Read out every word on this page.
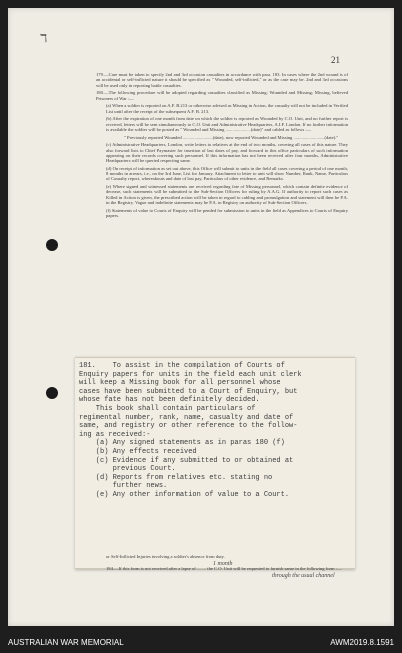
ℸ
21

179.—Care must be taken to specify 2nd and 3rd occasion casualties in accordance with para. 183. In cases where the 2nd wound is of an accidental or self-inflicted nature it should be specified as " Wounded, self-inflicted," or as the case may be. 2nd and 3rd occasions will be used only in reporting battle casualties.

180.—The following procedure will be adopted regarding casualties classified as Missing; Wounded and Missing; Missing, believed Prisoners of War :—

(a) When a soldier is reported on A.F. B.213 or otherwise advised as Missing in Action, the casualty will not be included in Verified List until after the receipt of the subsequent A.F. B. 213.

(b) After the expiration of one month from date on which the soldier is reported as Wounded by C.O. Unit, and no further report is received, letters will be sent simultaneously to C.O. Unit and Administrative Headquarters, A.I.F. London. If no further information is available the soldier will be posted as " Wounded and Missing ......................(date)" and cabled as follows :—

" Previously reported Wounded ..........................(date), now reported Wounded and Missing ...........................(date)."

(c) Administrative Headquarters, London, write letters to relatives at the end of two months, covering all cases of this nature. They also forward lists to Chief Paymaster for insertion of last dates of pay, and forward to this office particulars of such information appearing on their records covering such personnel. If this information has not been received after four months, Administrative Headquarters will be queried respecting same.

(d) On receipt of information as set out above, this Office will submit to units in the field all cases covering a period of one month, 8 months in arrears, i.e., on the 3rd June, List for January. Attachment to letter to unit will show Number, Rank, Name, Particulars of Casualty report, whereabouts and date of last pay, Particulars of other evidence, and Remarks.

(e) Where signed and witnessed statements are received regarding fate of Missing personnel, which contain definite evidence of decease, such statements will be submitted to the Sub-Section Officers for ruling by A.A.G. If authority to report such cases as Killed in Action is given, the prescribed action will be taken in regard to cabling and promulgation and statement will then be P.A. in the Registry. Vague and indefinite statements may be P.A. in Registry on authority of Sub-Section Officers.

(f) Statements of value to Courts of Enquiry will be pended for submission to units in the field as Appendices to Courts of Enquiry papers.

181.    To assist in the compilation of Courts of
Enquiry papers for units in the field each unit clerk
will keep a Missing book for all personnel whose
cases have been submitted to a Court of Enquiry, but
whose fate has not been definitely decided.
This book shall contain particulars of
regimental number, rank, name, casualty and date of
same, and registry or other reference to the follow-
ing as received:-
(a) Any signed statements as in paras 180 (f)
(b) Any effects received
(c) Evidence if any submitted to or obtained at
previous Court.
(d) Reports from relatives etc. stating no
further news.
(e) Any other information of value to a Court.
or Self-Inflicted Injuries involving a soldier's absence from duty.
184.—If this form is not received after a lapse of ........ the C.O. Unit will be requested to furnish same in the following form :—
1 month
through the usual channel
AUSTRALIAN WAR MEMORIAL	AWM2019.8.1591
